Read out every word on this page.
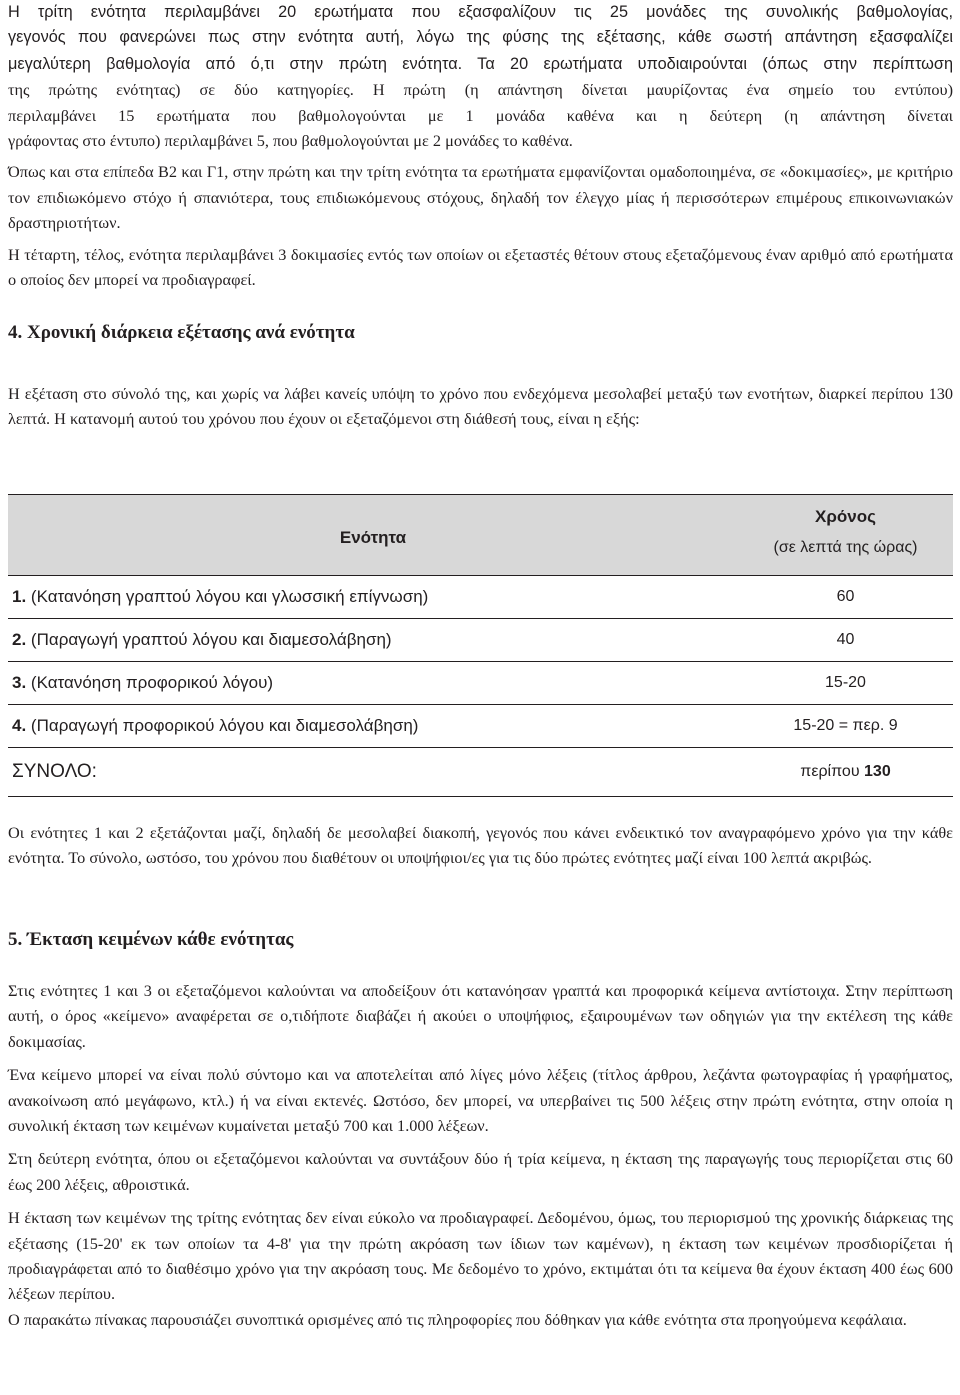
Η τρίτη ενότητα περιλαμβάνει 20 ερωτήματα που εξασφαλίζουν τις 25 μονάδες της συνολικής βαθμολογίας,

γεγονός που φανερώνει πως στην ενότητα αυτή, λόγω της φύσης της εξέτασης, κάθε σωστή απάντηση εξασφαλίζει

μεγαλύτερη βαθμολογία από ό,τι στην πρώτη ενότητα. Τα 20 ερωτήματα υποδιαιρούνται (όπως στην περίπτωση

της πρώτης ενότητας) σε δύο κατηγορίες. Η πρώτη (η απάντηση δίνεται μαυρίζοντας ένα σημείο του εντύπου)

περιλαμβάνει 15 ερωτήματα που βαθμολογούνται με 1 μονάδα καθένα και η δεύτερη (η απάντηση δίνεται

γράφοντας στο έντυπο) περιλαμβάνει 5, που βαθμολογούνται με 2 μονάδες το καθένα.

Όπως και στα επίπεδα Β2 και Γ1, στην πρώτη και την τρίτη ενότητα τα ερωτήματα εμφανίζονται ομαδοποιημένα, σε «δοκιμασίες», με κριτήριο τον επιδιωκόμενο στόχο ή σπανιότερα, τους επιδιωκόμενους στόχους, δηλαδή τον έλεγχο μίας ή περισσότερων επιμέρους επικοινωνιακών δραστηριοτήτων.

Η τέταρτη, τέλος, ενότητα περιλαμβάνει 3 δοκιμασίες εντός των οποίων οι εξεταστές θέτουν στους εξεταζόμενους έναν αριθμό από ερωτήματα ο οποίος δεν μπορεί να προδιαγραφεί.

4. Χρονική διάρκεια εξέτασης ανά ενότητα

Η εξέταση στο σύνολό της, και χωρίς να λάβει κανείς υπόψη το χρόνο που ενδεχόμενα μεσολαβεί μεταξύ των ενοτήτων, διαρκεί περίπου 130 λεπτά. Η κατανομή αυτού του χρόνου που έχουν οι εξεταζόμενοι στη διάθεσή τους, είναι η εξής:

Ενότητα	Χρόνος
(σε λεπτά της ώρας)

1. (Κατανόηση γραπτού λόγου και γλωσσική επίγνωση)	60
2. (Παραγωγή γραπτού λόγου και διαμεσολάβηση)	40
3. (Κατανόηση προφορικού λόγου)	15-20
4. (Παραγωγή προφορικού λόγου και διαμεσολάβηση)	15-20 = περ. 9
ΣΥΝΟΛΟ:	περίπου 130

Οι ενότητες 1 και 2 εξετάζονται μαζί, δηλαδή δε μεσολαβεί διακοπή, γεγονός που κάνει ενδεικτικό τον αναγραφόμενο χρόνο για την κάθε ενότητα. Το σύνολο, ωστόσο, του χρόνου που διαθέτουν οι υποψήφιοι/ες για τις δύο πρώτες ενότητες μαζί είναι 100 λεπτά ακριβώς.

5. Έκταση κειμένων κάθε ενότητας

Στις ενότητες 1 και 3 οι εξεταζόμενοι καλούνται να αποδείξουν ότι κατανόησαν γραπτά και προφορικά κείμενα αντίστοιχα. Στην περίπτωση αυτή, ο όρος «κείμενο» αναφέρεται σε ο,τιδήποτε διαβάζει ή ακούει ο υποψήφιος, εξαιρουμένων των οδηγιών για την εκτέλεση της κάθε δοκιμασίας.

Ένα κείμενο μπορεί να είναι πολύ σύντομο και να αποτελείται από λίγες μόνο λέξεις (τίτλος άρθρου, λεζάντα φωτογραφίας ή γραφήματος, ανακοίνωση από μεγάφωνο, κτλ.) ή να είναι εκτενές. Ωστόσο, δεν μπορεί, να υπερβαίνει τις 500 λέξεις στην πρώτη ενότητα, στην οποία η συνολική έκταση των κειμένων κυμαίνεται μεταξύ 700 και 1.000 λέξεων.

Στη δεύτερη ενότητα, όπου οι εξεταζόμενοι καλούνται να συντάξουν δύο ή τρία κείμενα, η έκταση της παραγωγής τους περιορίζεται στις 60 έως 200 λέξεις, αθροιστικά.

Η έκταση των κειμένων της τρίτης ενότητας δεν είναι εύκολο να προδιαγραφεί. Δεδομένου, όμως, του περιορισμού της χρονικής διάρκειας της εξέτασης (15-20' εκ των οποίων τα 4-8' για την πρώτη ακρόαση των ίδιων των καμένων), η έκταση των κειμένων προσδιορίζεται ή προδιαγράφεται από το διαθέσιμο χρόνο για την ακρόαση τους. Με δεδομένο το χρόνο, εκτιμάται ότι τα κείμενα θα έχουν έκταση 400 έως 600 λέξεων περίπου.

Ο παρακάτω πίνακας παρουσιάζει συνοπτικά ορισμένες από τις πληροφορίες που δόθηκαν για κάθε ενότητα στα προηγούμενα κεφάλαια.
